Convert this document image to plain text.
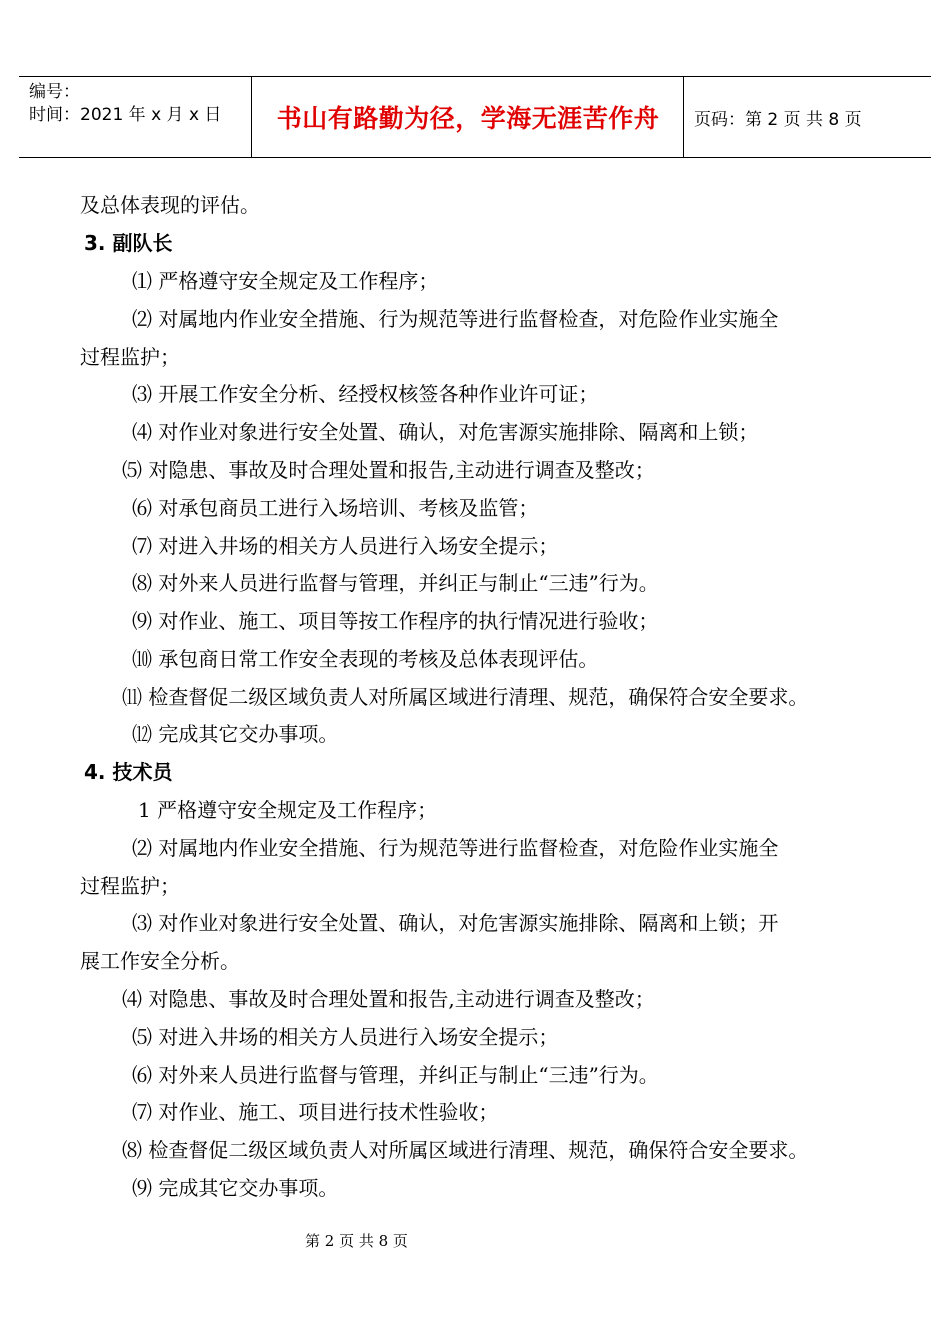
编号：
时间：2021 年 x 月 x 日	书山有路勤为径，学海无涯苦作舟	页码：第 2 页 共 8 页
及总体表现的评估。
3. 副队长
⑴ 严格遵守安全规定及工作程序；
⑵ 对属地内作业安全措施、行为规范等进行监督检查，对危险作业实施全
过程监护；
⑶ 开展工作安全分析、经授权核签各种作业许可证；
⑷ 对作业对象进行安全处置、确认，对危害源实施排除、隔离和上锁；
⑸ 对隐患、事故及时合理处置和报告,主动进行调查及整改；
⑹ 对承包商员工进行入场培训、考核及监管；
⑺ 对进入井场的相关方人员进行入场安全提示；
⑻ 对外来人员进行监督与管理，并纠正与制止“三违”行为。
⑼ 对作业、施工、项目等按工作程序的执行情况进行验收；
⑽ 承包商日常工作安全表现的考核及总体表现评估。
⑾ 检查督促二级区域负责人对所属区域进行清理、规范，确保符合安全要求。
⑿ 完成其它交办事项。
4. 技术员
1 严格遵守安全规定及工作程序；
⑵ 对属地内作业安全措施、行为规范等进行监督检查，对危险作业实施全
过程监护；
⑶ 对作业对象进行安全处置、确认，对危害源实施排除、隔离和上锁；开
展工作安全分析。
⑷ 对隐患、事故及时合理处置和报告,主动进行调查及整改；
⑸ 对进入井场的相关方人员进行入场安全提示；
⑹ 对外来人员进行监督与管理，并纠正与制止“三违”行为。
⑺ 对作业、施工、项目进行技术性验收；
⑻ 检查督促二级区域负责人对所属区域进行清理、规范，确保符合安全要求。
⑼ 完成其它交办事项。
第 2 页 共 8 页
